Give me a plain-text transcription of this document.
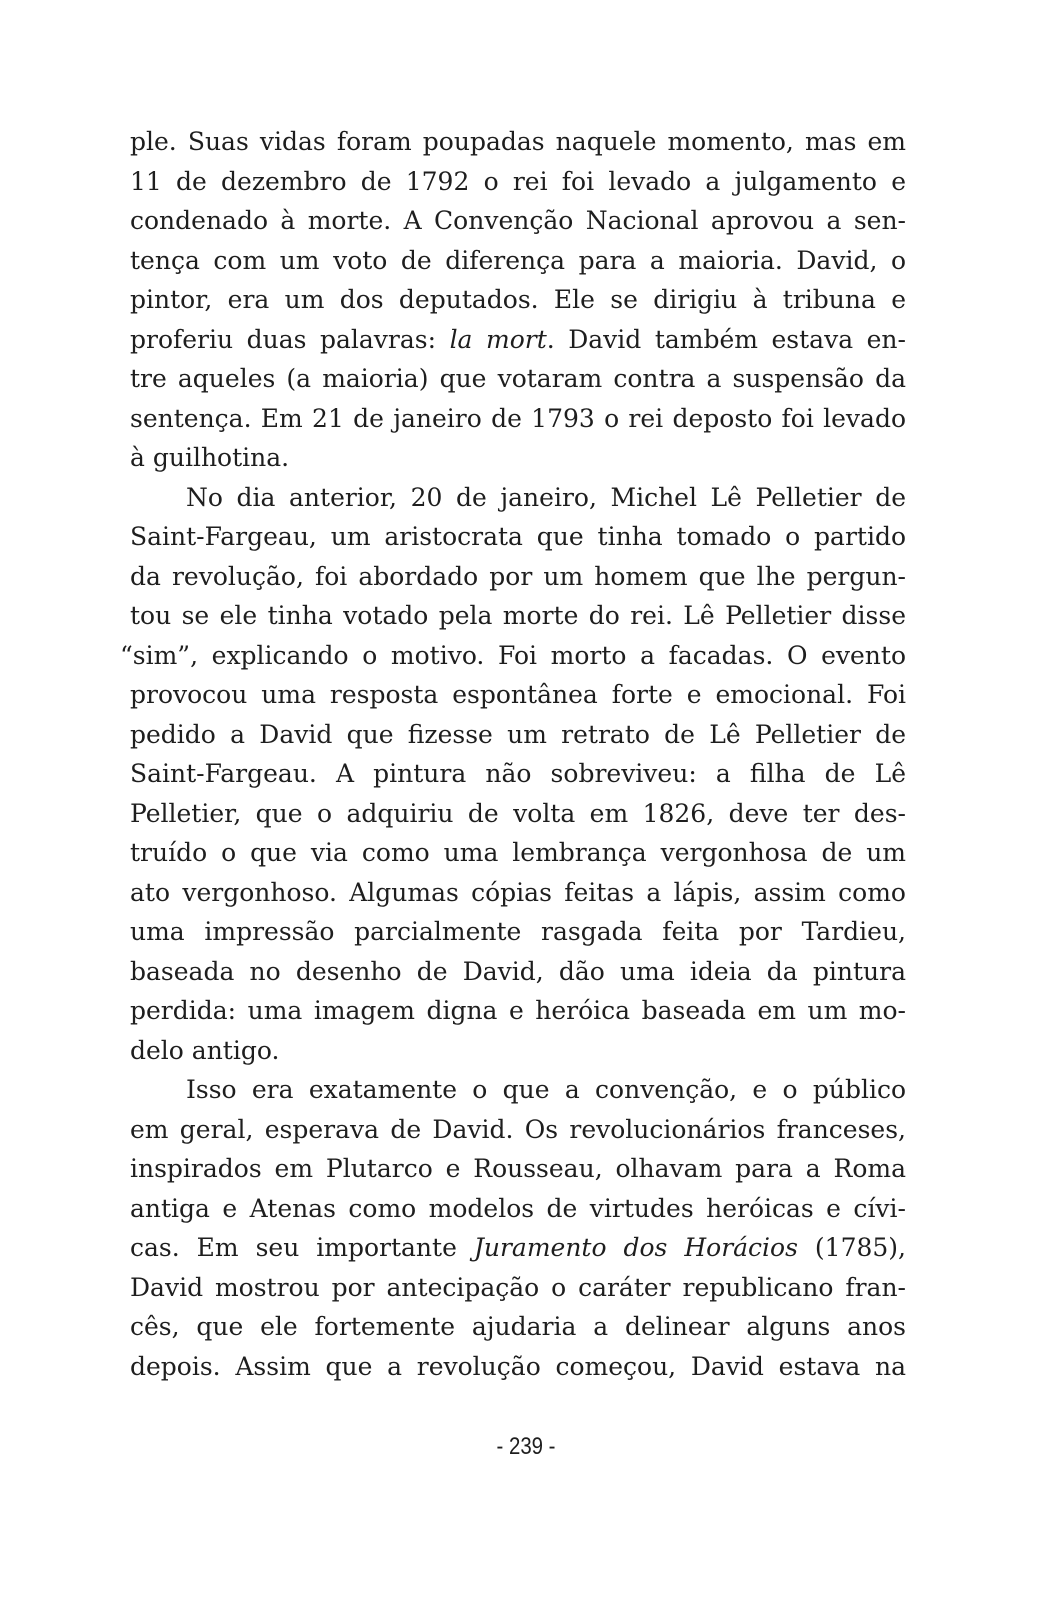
ple. Suas vidas foram poupadas naquele momento, mas em
11 de dezembro de 1792 o rei foi levado a julgamento e
condenado à morte. A Convenção Nacional aprovou a sen-
tença com um voto de diferença para a maioria. David, o
pintor, era um dos deputados. Ele se dirigiu à tribuna e
proferiu duas palavras: la mort. David também estava en-
tre aqueles (a maioria) que votaram contra a suspensão da
sentença. Em 21 de janeiro de 1793 o rei deposto foi levado
à guilhotina.
No dia anterior, 20 de janeiro, Michel Lê Pelletier de
Saint-Fargeau, um aristocrata que tinha tomado o partido
da revolução, foi abordado por um homem que lhe pergun-
tou se ele tinha votado pela morte do rei. Lê Pelletier disse
“sim”, explicando o motivo. Foi morto a facadas. O evento
provocou uma resposta espontânea forte e emocional. Foi
pedido a David que fizesse um retrato de Lê Pelletier de
Saint-Fargeau. A pintura não sobreviveu: a filha de Lê
Pelletier, que o adquiriu de volta em 1826, deve ter des-
truído o que via como uma lembrança vergonhosa de um
ato vergonhoso. Algumas cópias feitas a lápis, assim como
uma impressão parcialmente rasgada feita por Tardieu,
baseada no desenho de David, dão uma ideia da pintura
perdida: uma imagem digna e heróica baseada em um mo-
delo antigo.
Isso era exatamente o que a convenção, e o público
em geral, esperava de David. Os revolucionários franceses,
inspirados em Plutarco e Rousseau, olhavam para a Roma
antiga e Atenas como modelos de virtudes heróicas e cívi-
cas. Em seu importante Juramento dos Horácios (1785),
David mostrou por antecipação o caráter republicano fran-
cês, que ele fortemente ajudaria a delinear alguns anos
depois. Assim que a revolução começou, David estava na
- 239 -
